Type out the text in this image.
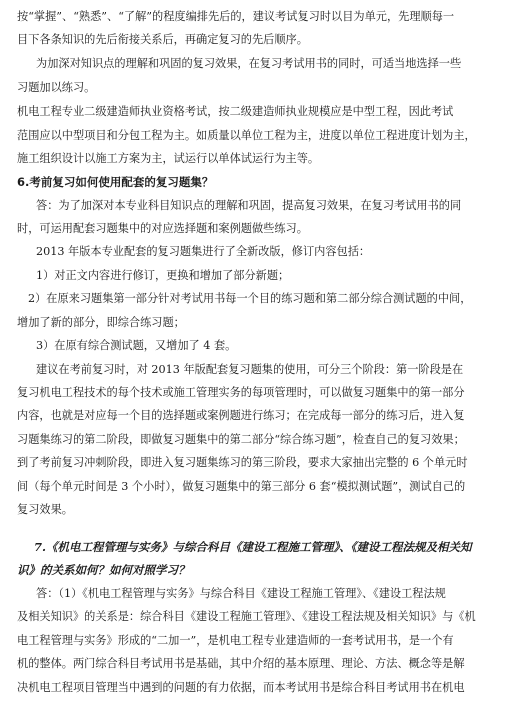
按“掌握”、“熟悉”、“了解”的程度编排先后的，建议考试复习时以目为单元，先理顺每一
目下各条知识的先后衔接关系后，再确定复习的先后顺序。
为加深对知识点的理解和巩固的复习效果，在复习考试用书的同时，可适当地选择一些
习题加以练习。
机电工程专业二级建造师执业资格考试，按二级建造师执业规模应是中型工程，因此考试
范围应以中型项目和分包工程为主。如质量以单位工程为主，进度以单位工程进度计划为主，
施工组织设计以施工方案为主，试运行以单体试运行为主等。
6.考前复习如何使用配套的复习题集？
答：为了加深对本专业科目知识点的理解和巩固，提高复习效果，在复习考试用书的同
时，可运用配套习题集中的对应选择题和案例题做些练习。
2013 年版本专业配套的复习题集进行了全新改版，修订内容包括：
1）对正文内容进行修订，更换和增加了部分新题；
2）在原来习题集第一部分针对考试用书每一个目的练习题和第二部分综合测试题的中间，
增加了新的部分，即综合练习题；
3）在原有综合测试题，又增加了 4 套。
建议在考前复习时，对 2013 年版配套复习题集的使用，可分三个阶段：第一阶段是在
复习机电工程技术的每个技术或施工管理实务的每项管理时，可以做复习题集中的第一部分
内容，也就是对应每一个目的选择题或案例题进行练习；在完成每一部分的练习后，进入复
习题集练习的第二阶段，即做复习题集中的第二部分“综合练习题”，检查自己的复习效果；
到了考前复习冲刺阶段，即进入复习题集练习的第三阶段，要求大家抽出完整的 6 个单元时
间（每个单元时间是 3 个小时），做复习题集中的第三部分 6 套“模拟测试题”，测试自己的
复习效果。
7.《机电工程管理与实务》与综合科目《建设工程施工管理》、《建设工程法规及相关知
识》的关系如何？如何对照学习？
答：（1）《机电工程管理与实务》与综合科目《建设工程施工管理》、《建设工程法规
及相关知识》的关系是：综合科目《建设工程施工管理》、《建设工程法规及相关知识》与《机
电工程管理与实务》形成的“二加一”，是机电工程专业建造师的一套考试用书，是一个有
机的整体。两门综合科目考试用书是基础，其中介绍的基本原理、理论、方法、概念等是解
决机电工程项目管理当中遇到的问题的有力依据，而本考试用书是综合科目考试用书在机电
